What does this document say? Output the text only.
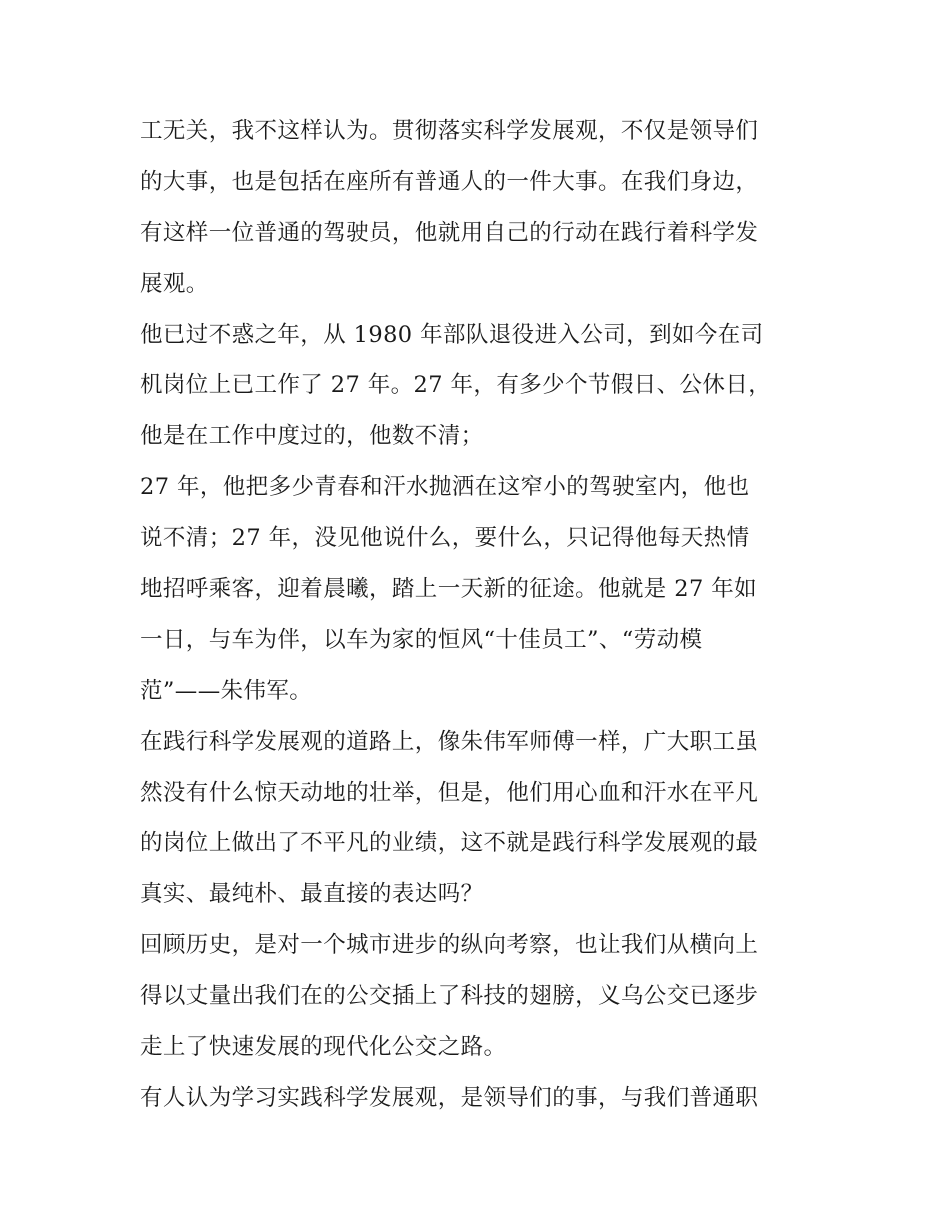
工无关，我不这样认为。贯彻落实科学发展观，不仅是领导们
的大事，也是包括在座所有普通人的一件大事。在我们身边，
有这样一位普通的驾驶员，他就用自己的行动在践行着科学发
展观。
他已过不惑之年，从 1980 年部队退役进入公司，到如今在司
机岗位上已工作了 27 年。27 年，有多少个节假日、公休日，
他是在工作中度过的，他数不清；
27 年，他把多少青春和汗水抛洒在这窄小的驾驶室内，他也
说不清；27 年，没见他说什么，要什么，只记得他每天热情
地招呼乘客，迎着晨曦，踏上一天新的征途。他就是 27 年如
一日，与车为伴，以车为家的恒风“十佳员工”、“劳动模
范”——朱伟军。
在践行科学发展观的道路上，像朱伟军师傅一样，广大职工虽
然没有什么惊天动地的壮举，但是，他们用心血和汗水在平凡
的岗位上做出了不平凡的业绩，这不就是践行科学发展观的最
真实、最纯朴、最直接的表达吗？
回顾历史，是对一个城市进步的纵向考察，也让我们从横向上
得以丈量出我们在的公交插上了科技的翅膀，义乌公交已逐步
走上了快速发展的现代化公交之路。
有人认为学习实践科学发展观，是领导们的事，与我们普通职
